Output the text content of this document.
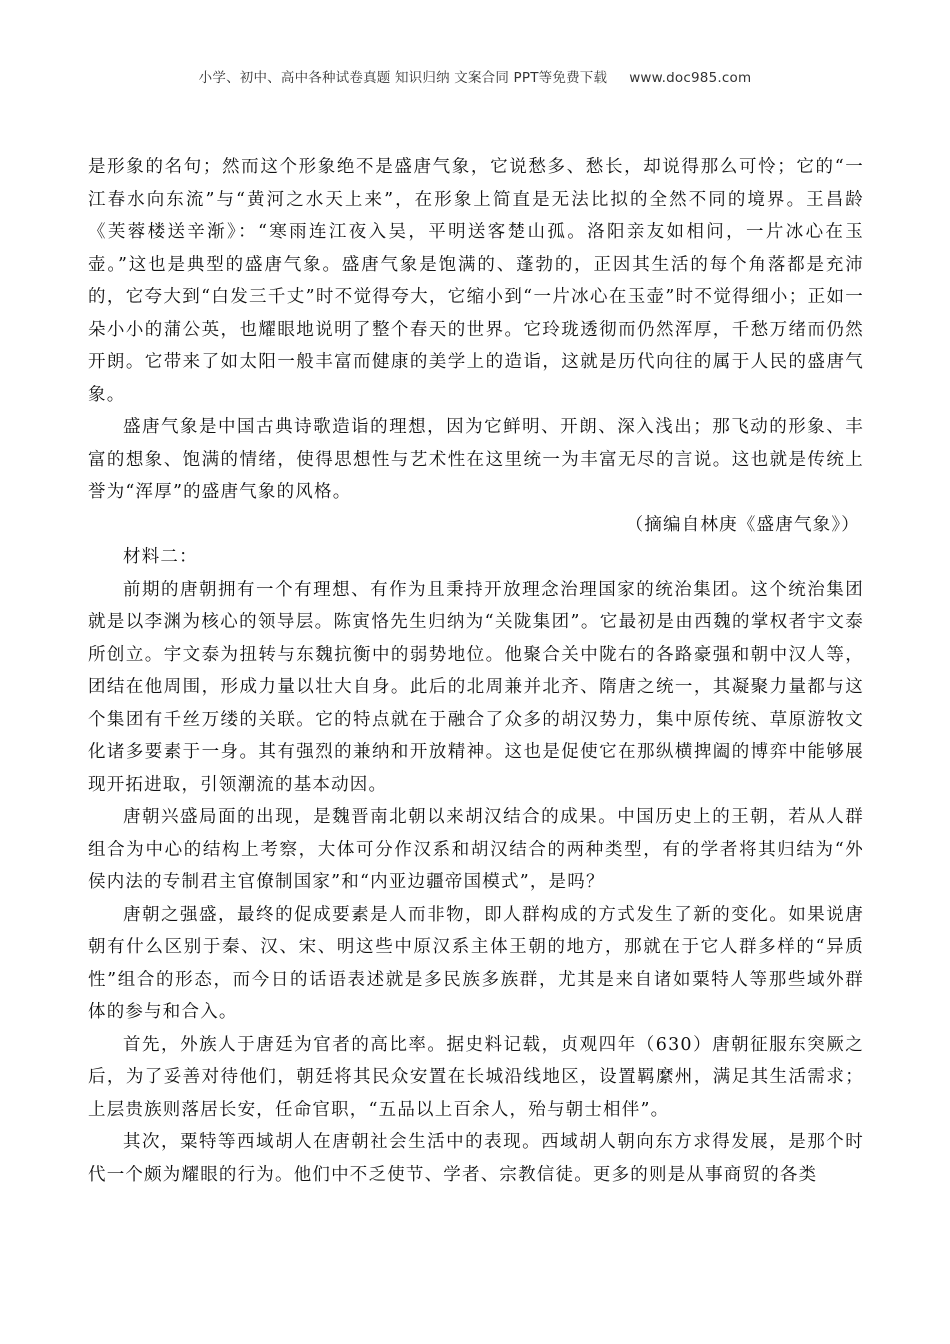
小学、初中、高中各种试卷真题 知识归纳 文案合同 PPT等免费下载 www.doc985.com

是形象的名句；然而这个形象绝不是盛唐气象，它说愁多、愁长，却说得那么可怜；它的“一江春水向东流”与“黄河之水天上来”，在形象上简直是无法比拟的全然不同的境界。王昌龄《芙蓉楼送辛渐》：“寒雨连江夜入吴，平明送客楚山孤。洛阳亲友如相问，一片冰心在玉壶。”这也是典型的盛唐气象。盛唐气象是饱满的、蓬勃的，正因其生活的每个角落都是充沛的，它夸大到“白发三千丈”时不觉得夸大，它缩小到“一片冰心在玉壶”时不觉得细小；正如一朵小小的蒲公英，也耀眼地说明了整个春天的世界。它玲珑透彻而仍然浑厚，千愁万绪而仍然开朗。它带来了如太阳一般丰富而健康的美学上的造诣，这就是历代向往的属于人民的盛唐气象。

盛唐气象是中国古典诗歌造诣的理想，因为它鲜明、开朗、深入浅出；那飞动的形象、丰富的想象、饱满的情绪，使得思想性与艺术性在这里统一为丰富无尽的言说。这也就是传统上誉为“浑厚”的盛唐气象的风格。

（摘编自林庚《盛唐气象》）

材料二：

前期的唐朝拥有一个有理想、有作为且秉持开放理念治理国家的统治集团。这个统治集团就是以李渊为核心的领导层。陈寅恪先生归纳为“关陇集团”。它最初是由西魏的掌权者宇文泰所创立。宇文泰为扭转与东魏抗衡中的弱势地位。他聚合关中陇右的各路豪强和朝中汉人等，团结在他周围，形成力量以壮大自身。此后的北周兼并北齐、隋唐之统一，其凝聚力量都与这个集团有千丝万缕的关联。它的特点就在于融合了众多的胡汉势力，集中原传统、草原游牧文化诸多要素于一身。其有强烈的兼纳和开放精神。这也是促使它在那纵横捭阖的博弈中能够展现开拓进取，引领潮流的基本动因。

唐朝兴盛局面的出现，是魏晋南北朝以来胡汉结合的成果。中国历史上的王朝，若从人群组合为中心的结构上考察，大体可分作汉系和胡汉结合的两种类型，有的学者将其归结为“外侯内法的专制君主官僚制国家”和“内亚边疆帝国模式”，是吗？

唐朝之强盛，最终的促成要素是人而非物，即人群构成的方式发生了新的变化。如果说唐朝有什么区别于秦、汉、宋、明这些中原汉系主体王朝的地方，那就在于它人群多样的“异质性”组合的形态，而今日的话语表述就是多民族多族群，尤其是来自诸如粟特人等那些域外群体的参与和合入。

首先，外族人于唐廷为官者的高比率。据史料记载，贞观四年（630）唐朝征服东突厥之后，为了妥善对待他们，朝廷将其民众安置在长城沿线地区，设置羁縻州，满足其生活需求；上层贵族则落居长安，任命官职，“五品以上百余人，殆与朝士相伴”。

其次，粟特等西域胡人在唐朝社会生活中的表现。西域胡人朝向东方求得发展，是那个时代一个颇为耀眼的行为。他们中不乏使节、学者、宗教信徒。更多的则是从事商贸的各类
